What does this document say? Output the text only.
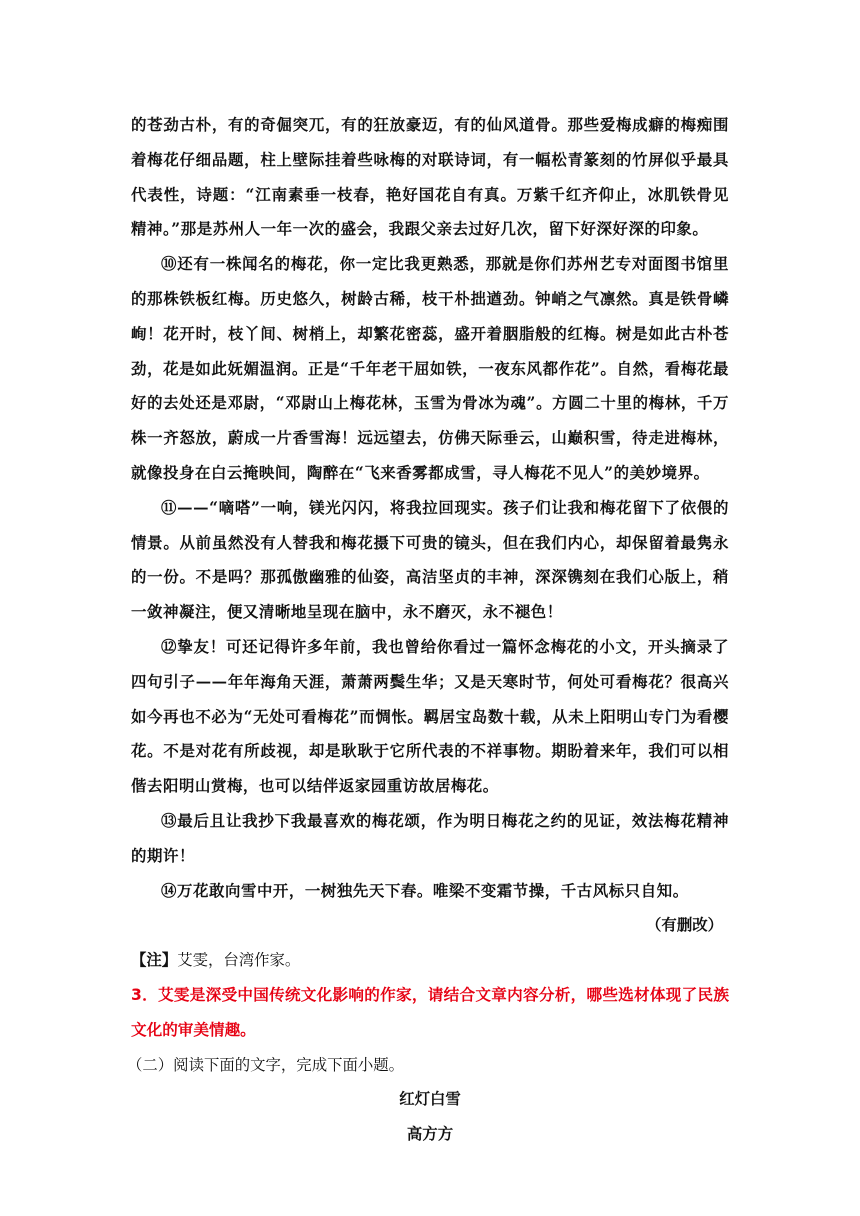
的苍劲古朴，有的奇倔突兀，有的狂放豪迈，有的仙风道骨。那些爱梅成癖的梅痴围着梅花仔细品题，柱上壁际挂着些咏梅的对联诗词，有一幅松青篆刻的竹屏似乎最具代表性，诗题：“江南素垂一枝春，艳好国花自有真。万紫千红齐仰止，冰肌铁骨见精神。”那是苏州人一年一次的盛会，我跟父亲去过好几次，留下好深好深的印象。

⑩还有一株闻名的梅花，你一定比我更熟悉，那就是你们苏州艺专对面图书馆里的那株铁板红梅。历史悠久，树龄古稀，枝干朴拙遒劲。钟峭之气凛然。真是铁骨嶙峋！花开时，枝丫间、树梢上，却繁花密蕊，盛开着胭脂般的红梅。树是如此古朴苍劲，花是如此妩媚温润。正是“千年老干屈如铁，一夜东风都作花”。自然，看梅花最好的去处还是邓尉，“邓尉山上梅花林，玉雪为骨冰为魂”。方圆二十里的梅林，千万株一齐怒放，蔚成一片香雪海！远远望去，仿佛天际垂云，山巅积雪，待走进梅林，就像投身在白云掩映间，陶醉在“飞来香雾都成雪，寻人梅花不见人”的美妙境界。

⑪——“嘀嗒”一响，镁光闪闪，将我拉回现实。孩子们让我和梅花留下了依偎的情景。从前虽然没有人替我和梅花摄下可贵的镜头，但在我们内心，却保留着最隽永的一份。不是吗？那孤傲幽雅的仙姿，高洁坚贞的丰神，深深镌刻在我们心版上，稍一敛神凝注，便又清晰地呈现在脑中，永不磨灭，永不褪色！

⑫挚友！可还记得许多年前，我也曾给你看过一篇怀念梅花的小文，开头摘录了四句引子——年年海角天涯，萧萧两鬓生华；又是天寒时节，何处可看梅花？很高兴如今再也不必为“无处可看梅花”而惆怅。羁居宝岛数十载，从未上阳明山专门为看樱花。不是对花有所歧视，却是耿耿于它所代表的不祥事物。期盼着来年，我们可以相偕去阳明山赏梅，也可以结伴返家园重访故居梅花。

⑬最后且让我抄下我最喜欢的梅花颂，作为明日梅花之约的见证，效法梅花精神的期许！

⑭万花敢向雪中开，一树独先天下春。唯梁不变霜节操，千古风标只自知。

（有删改）

【注】艾雯，台湾作家。

3．艾雯是深受中国传统文化影响的作家，请结合文章内容分析，哪些选材体现了民族文化的审美情趣。

（二）阅读下面的文字，完成下面小题。

红灯白雪

高方方
